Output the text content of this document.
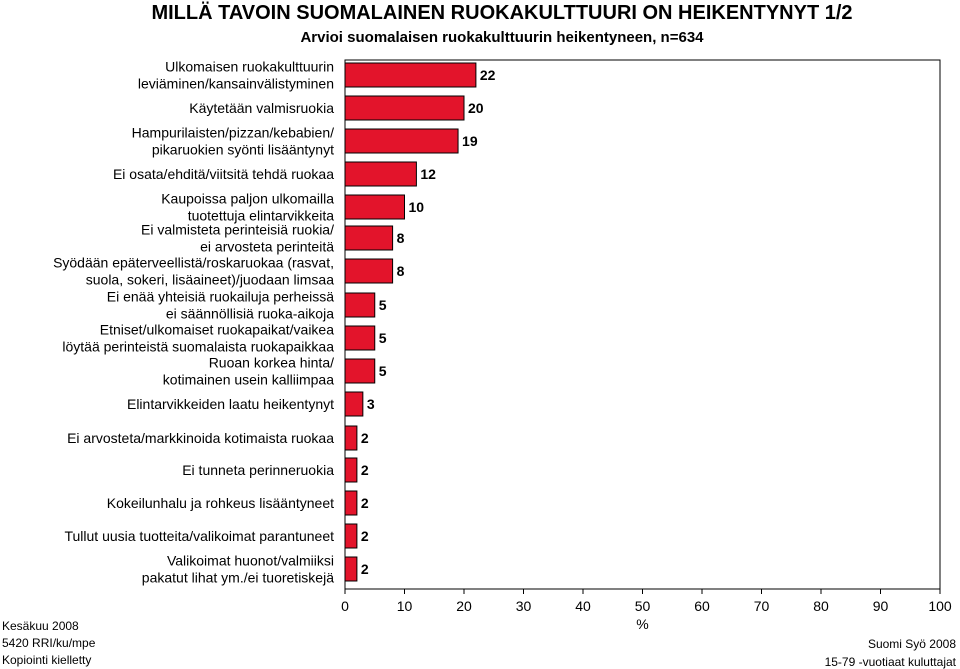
MILLÄ TAVOIN SUOMALAINEN RUOKAKULTTUURI ON HEIKENTYNYT 1/2
Arvioi suomalaisen ruokakulttuurin heikentyneen, n=634
0	10	20	30	40	50	60	70	80	90	100
%
22
Ulkomaisen ruokakulttuurin
leviäminen/kansainvälistyminen
20
Käytetään valmisruokia
19
Hampurilaisten/pizzan/kebabien/
pikaruokien syönti lisääntynyt
12
Ei osata/ehditä/viitsitä tehdä ruokaa
10
Kaupoissa paljon ulkomailla
tuotettuja elintarvikkeita
8
Ei valmisteta perinteisiä ruokia/
ei arvosteta perinteitä
8
Syödään epäterveellistä/roskaruokaa (rasvat,
suola, sokeri, lisäaineet)/juodaan limsaa
5
Ei enää yhteisiä ruokailuja perheissä
ei säännöllisiä ruoka-aikoja
5
Etniset/ulkomaiset ruokapaikat/vaikea
löytää perinteistä suomalaista ruokapaikkaa
5
Ruoan korkea hinta/
kotimainen usein kalliimpaa
3
Elintarvikkeiden laatu heikentynyt
2
Ei arvosteta/markkinoida kotimaista ruokaa
2
Ei tunneta perinneruokia
2
Kokeilunhalu ja rohkeus lisääntyneet
2
Tullut uusia tuotteita/valikoimat parantuneet
2
Valikoimat huonot/valmiiksi
pakatut lihat ym./ei tuoretiskejä
Kesäkuu 2008
5420 RRI/ku/mpe
Kopiointi kielletty
Suomi Syö 2008
15-79 -vuotiaat kuluttajat
